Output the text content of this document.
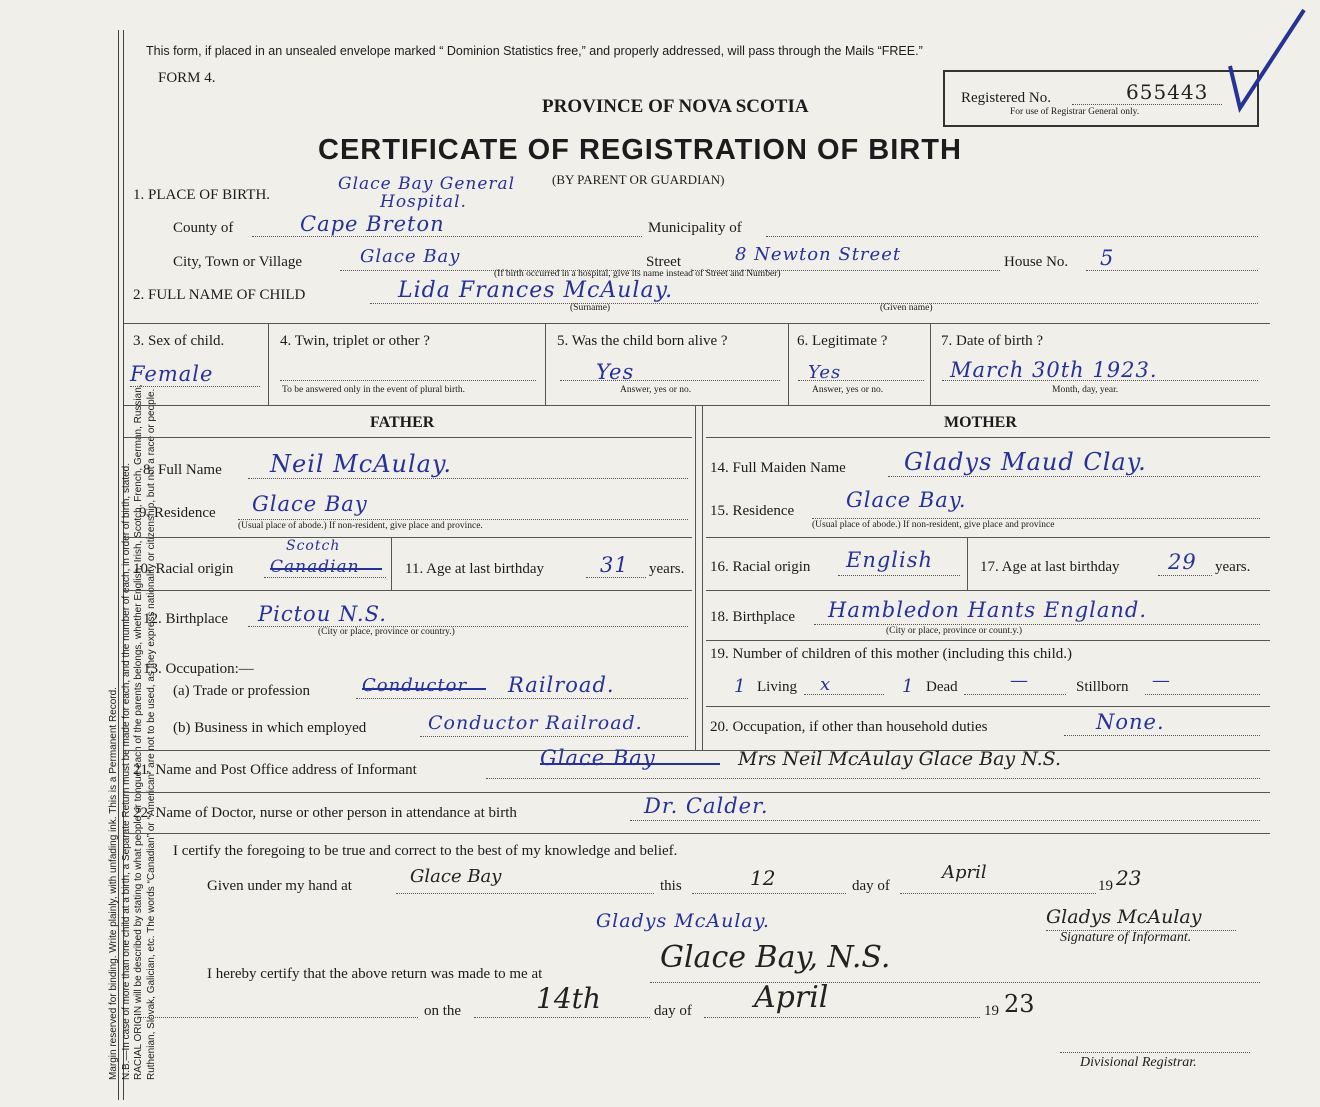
Margin reserved for binding. Write plainly, with unfading ink. This is a Permanent Record. N.B.—In case of more than one child at a birth, a Separate Return must be made for each, and the number of each, in order of birth, stated. RACIAL ORIGIN will be described by stating to what people or tongue each of the parents belongs, whether English, Irish, Scotch, French, German, Russian, Ruthenian, Slovak, Galician, etc. The words “Canadian” or “American” are not to be used, as they express nationality or citizenship, but not a race or people.
This form, if placed in an unsealed envelope marked “ Dominion Statistics free,” and properly addressed, will pass through the Mails “FREE.”
FORM 4.
PROVINCE OF NOVA SCOTIA
CERTIFICATE OF REGISTRATION OF BIRTH
(BY PARENT OR GUARDIAN)
Registered No.	655443
For use of Registrar General only.
1. PLACE OF BIRTH.
Glace Bay General
Hospital.
County of	Cape Breton	Municipality of
City, Town or Village	Glace Bay	Street	8 Newton Street	House No. 5
(If birth occurred in a hospital, give its name instead of Street and Number)
2. FULL NAME OF CHILD	Lida Frances McAulay.
(Surname)	(Given name)
3. Sex of child.
Female
4. Twin, triplet or other ?
To be answered only in the event of plural birth.
5. Was the child born alive ?
Yes
Answer, yes or no.
6. Legitimate ?
Yes
Answer, yes or no.
7. Date of birth ?
March 30th 1923.
Month, day, year.
FATHER	MOTHER
8. Full Name Neil McAulay.
9. Residence Glace Bay
(Usual place of abode.) If non-resident, give place and province.
10. Racial origin Canadian
Scotch
11. Age at last birthday	31 years.
12. Birthplace Pictou N.S.
(City or place, province or country.)
13. Occupation:—
(a) Trade or profession	Conductor Railroad.
(b) Business in which employed	Conductor Railroad.
14. Full Maiden Name Gladys Maud Clay.
15. Residence Glace Bay.
(Usual place of abode.) If non-resident, give place and province
16. Racial origin English	17. Age at last birthday 29 years.
18. Birthplace Hambledon Hants England.
(City or place, province or count.y.)
19. Number of children of this mother (including this child.)
1 Living x	1 Dead	—	Stillborn —
20. Occupation, if other than household duties	None.
21. Name and Post Office address of Informant	Glace Bay	Mrs Neil McAulay Glace Bay N.S.
22. Name of Doctor, nurse or other person in attendance at birth	Dr. Calder.
I certify the foregoing to be true and correct to the best of my knowledge and belief.
Given under my hand at	Glace Bay	this	12	day of
April
19 23
Gladys McAulay.	Gladys McAulay
Signature of Informant.
I hereby certify that the above return was made to me at	Glace Bay, N.S.
on the	14th	day of April	19 23
Divisional Registrar.
